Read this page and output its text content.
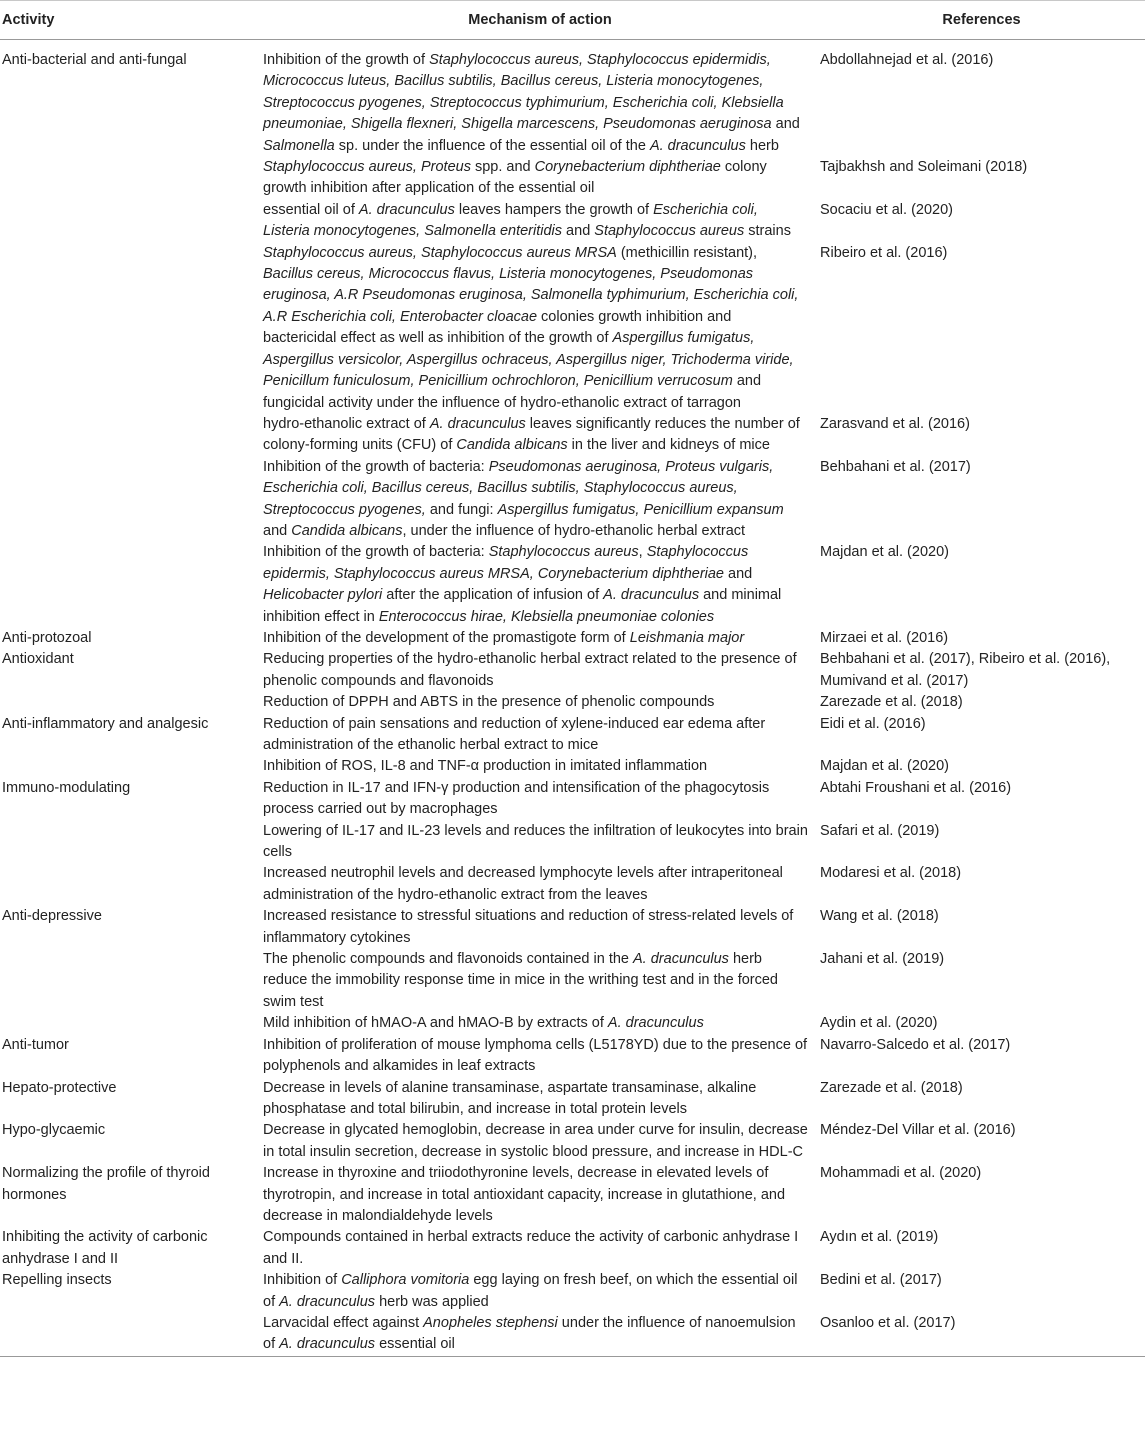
Activity	Mechanism of action	References
Anti-bacterial and anti-fungal	Inhibition of the growth of Staphylococcus aureus, Staphylococcus epidermidis, Micrococcus luteus, Bacillus subtilis, Bacillus cereus, Listeria monocytogenes, Streptococcus pyogenes, Streptococcus typhimurium, Escherichia coli, Klebsiella pneumoniae, Shigella flexneri, Shigella marcescens, Pseudomonas aeruginosa and Salmonella sp. under the influence of the essential oil of the A. dracunculus herb	Abdollahnejad et al. (2016)
	Staphylococcus aureus, Proteus spp. and Corynebacterium diphtheriae colony growth inhibition after application of the essential oil	Tajbakhsh and Soleimani (2018)
	essential oil of A. dracunculus leaves hampers the growth of Escherichia coli, Listeria monocytogenes, Salmonella enteritidis and Staphylococcus aureus strains	Socaciu et al. (2020)
	Staphylococcus aureus, Staphylococcus aureus MRSA (methicillin resistant), Bacillus cereus, Micrococcus flavus, Listeria monocytogenes, Pseudomonas eruginosa, A.R Pseudomonas eruginosa, Salmonella typhimurium, Escherichia coli, A.R Escherichia coli, Enterobacter cloacae colonies growth inhibition and bactericidal effect as well as inhibition of the growth of Aspergillus fumigatus, Aspergillus versicolor, Aspergillus ochraceus, Aspergillus niger, Trichoderma viride, Penicillum funiculosum, Penicillium ochrochloron, Penicillium verrucosum and fungicidal activity under the influence of hydro-ethanolic extract of tarragon	Ribeiro et al. (2016)
	hydro-ethanolic extract of A. dracunculus leaves significantly reduces the number of colony-forming units (CFU) of Candida albicans in the liver and kidneys of mice	Zarasvand et al. (2016)
	Inhibition of the growth of bacteria: Pseudomonas aeruginosa, Proteus vulgaris, Escherichia coli, Bacillus cereus, Bacillus subtilis, Staphylococcus aureus, Streptococcus pyogenes, and fungi: Aspergillus fumigatus, Penicillium expansum and Candida albicans, under the influence of hydro-ethanolic herbal extract	Behbahani et al. (2017)
	Inhibition of the growth of bacteria: Staphylococcus aureus, Staphylococcus epidermis, Staphylococcus aureus MRSA, Corynebacterium diphtheriae and Helicobacter pylori after the application of infusion of A. dracunculus and minimal inhibition effect in Enterococcus hirae, Klebsiella pneumoniae colonies	Majdan et al. (2020)
Anti-protozoal	Inhibition of the development of the promastigote form of Leishmania major	Mirzaei et al. (2016)
Antioxidant	Reducing properties of the hydro-ethanolic herbal extract related to the presence of phenolic compounds and flavonoids	Behbahani et al. (2017), Ribeiro et al. (2016), Mumivand et al. (2017)
	Reduction of DPPH and ABTS in the presence of phenolic compounds	Zarezade et al. (2018)
Anti-inflammatory and analgesic	Reduction of pain sensations and reduction of xylene-induced ear edema after administration of the ethanolic herbal extract to mice	Eidi et al. (2016)
	Inhibition of ROS, IL-8 and TNF-α production in imitated inflammation	Majdan et al. (2020)
Immuno-modulating	Reduction in IL-17 and IFN-γ production and intensification of the phagocytosis process carried out by macrophages	Abtahi Froushani et al. (2016)
	Lowering of IL-17 and IL-23 levels and reduces the infiltration of leukocytes into brain cells	Safari et al. (2019)
	Increased neutrophil levels and decreased lymphocyte levels after intraperitoneal administration of the hydro-ethanolic extract from the leaves	Modaresi et al. (2018)
Anti-depressive	Increased resistance to stressful situations and reduction of stress-related levels of inflammatory cytokines	Wang et al. (2018)
	The phenolic compounds and flavonoids contained in the A. dracunculus herb reduce the immobility response time in mice in the writhing test and in the forced swim test	Jahani et al. (2019)
	Mild inhibition of hMAO-A and hMAO-B by extracts of A. dracunculus	Aydin et al. (2020)
Anti-tumor	Inhibition of proliferation of mouse lymphoma cells (L5178YD) due to the presence of polyphenols and alkamides in leaf extracts	Navarro-Salcedo et al. (2017)
Hepato-protective	Decrease in levels of alanine transaminase, aspartate transaminase, alkaline phosphatase and total bilirubin, and increase in total protein levels	Zarezade et al. (2018)
Hypo-glycaemic	Decrease in glycated hemoglobin, decrease in area under curve for insulin, decrease in total insulin secretion, decrease in systolic blood pressure, and increase in HDL-C	Méndez-Del Villar et al. (2016)
Normalizing the profile of thyroid hormones	Increase in thyroxine and triiodothyronine levels, decrease in elevated levels of thyrotropin, and increase in total antioxidant capacity, increase in glutathione, and decrease in malondialdehyde levels	Mohammadi et al. (2020)
Inhibiting the activity of carbonic anhydrase I and II	Compounds contained in herbal extracts reduce the activity of carbonic anhydrase I and II.	Aydın et al. (2019)
Repelling insects	Inhibition of Calliphora vomitoria egg laying on fresh beef, on which the essential oil of A. dracunculus herb was applied	Bedini et al. (2017)
	Larvacidal effect against Anopheles stephensi under the influence of nanoemulsion of A. dracunculus essential oil	Osanloo et al. (2017)
